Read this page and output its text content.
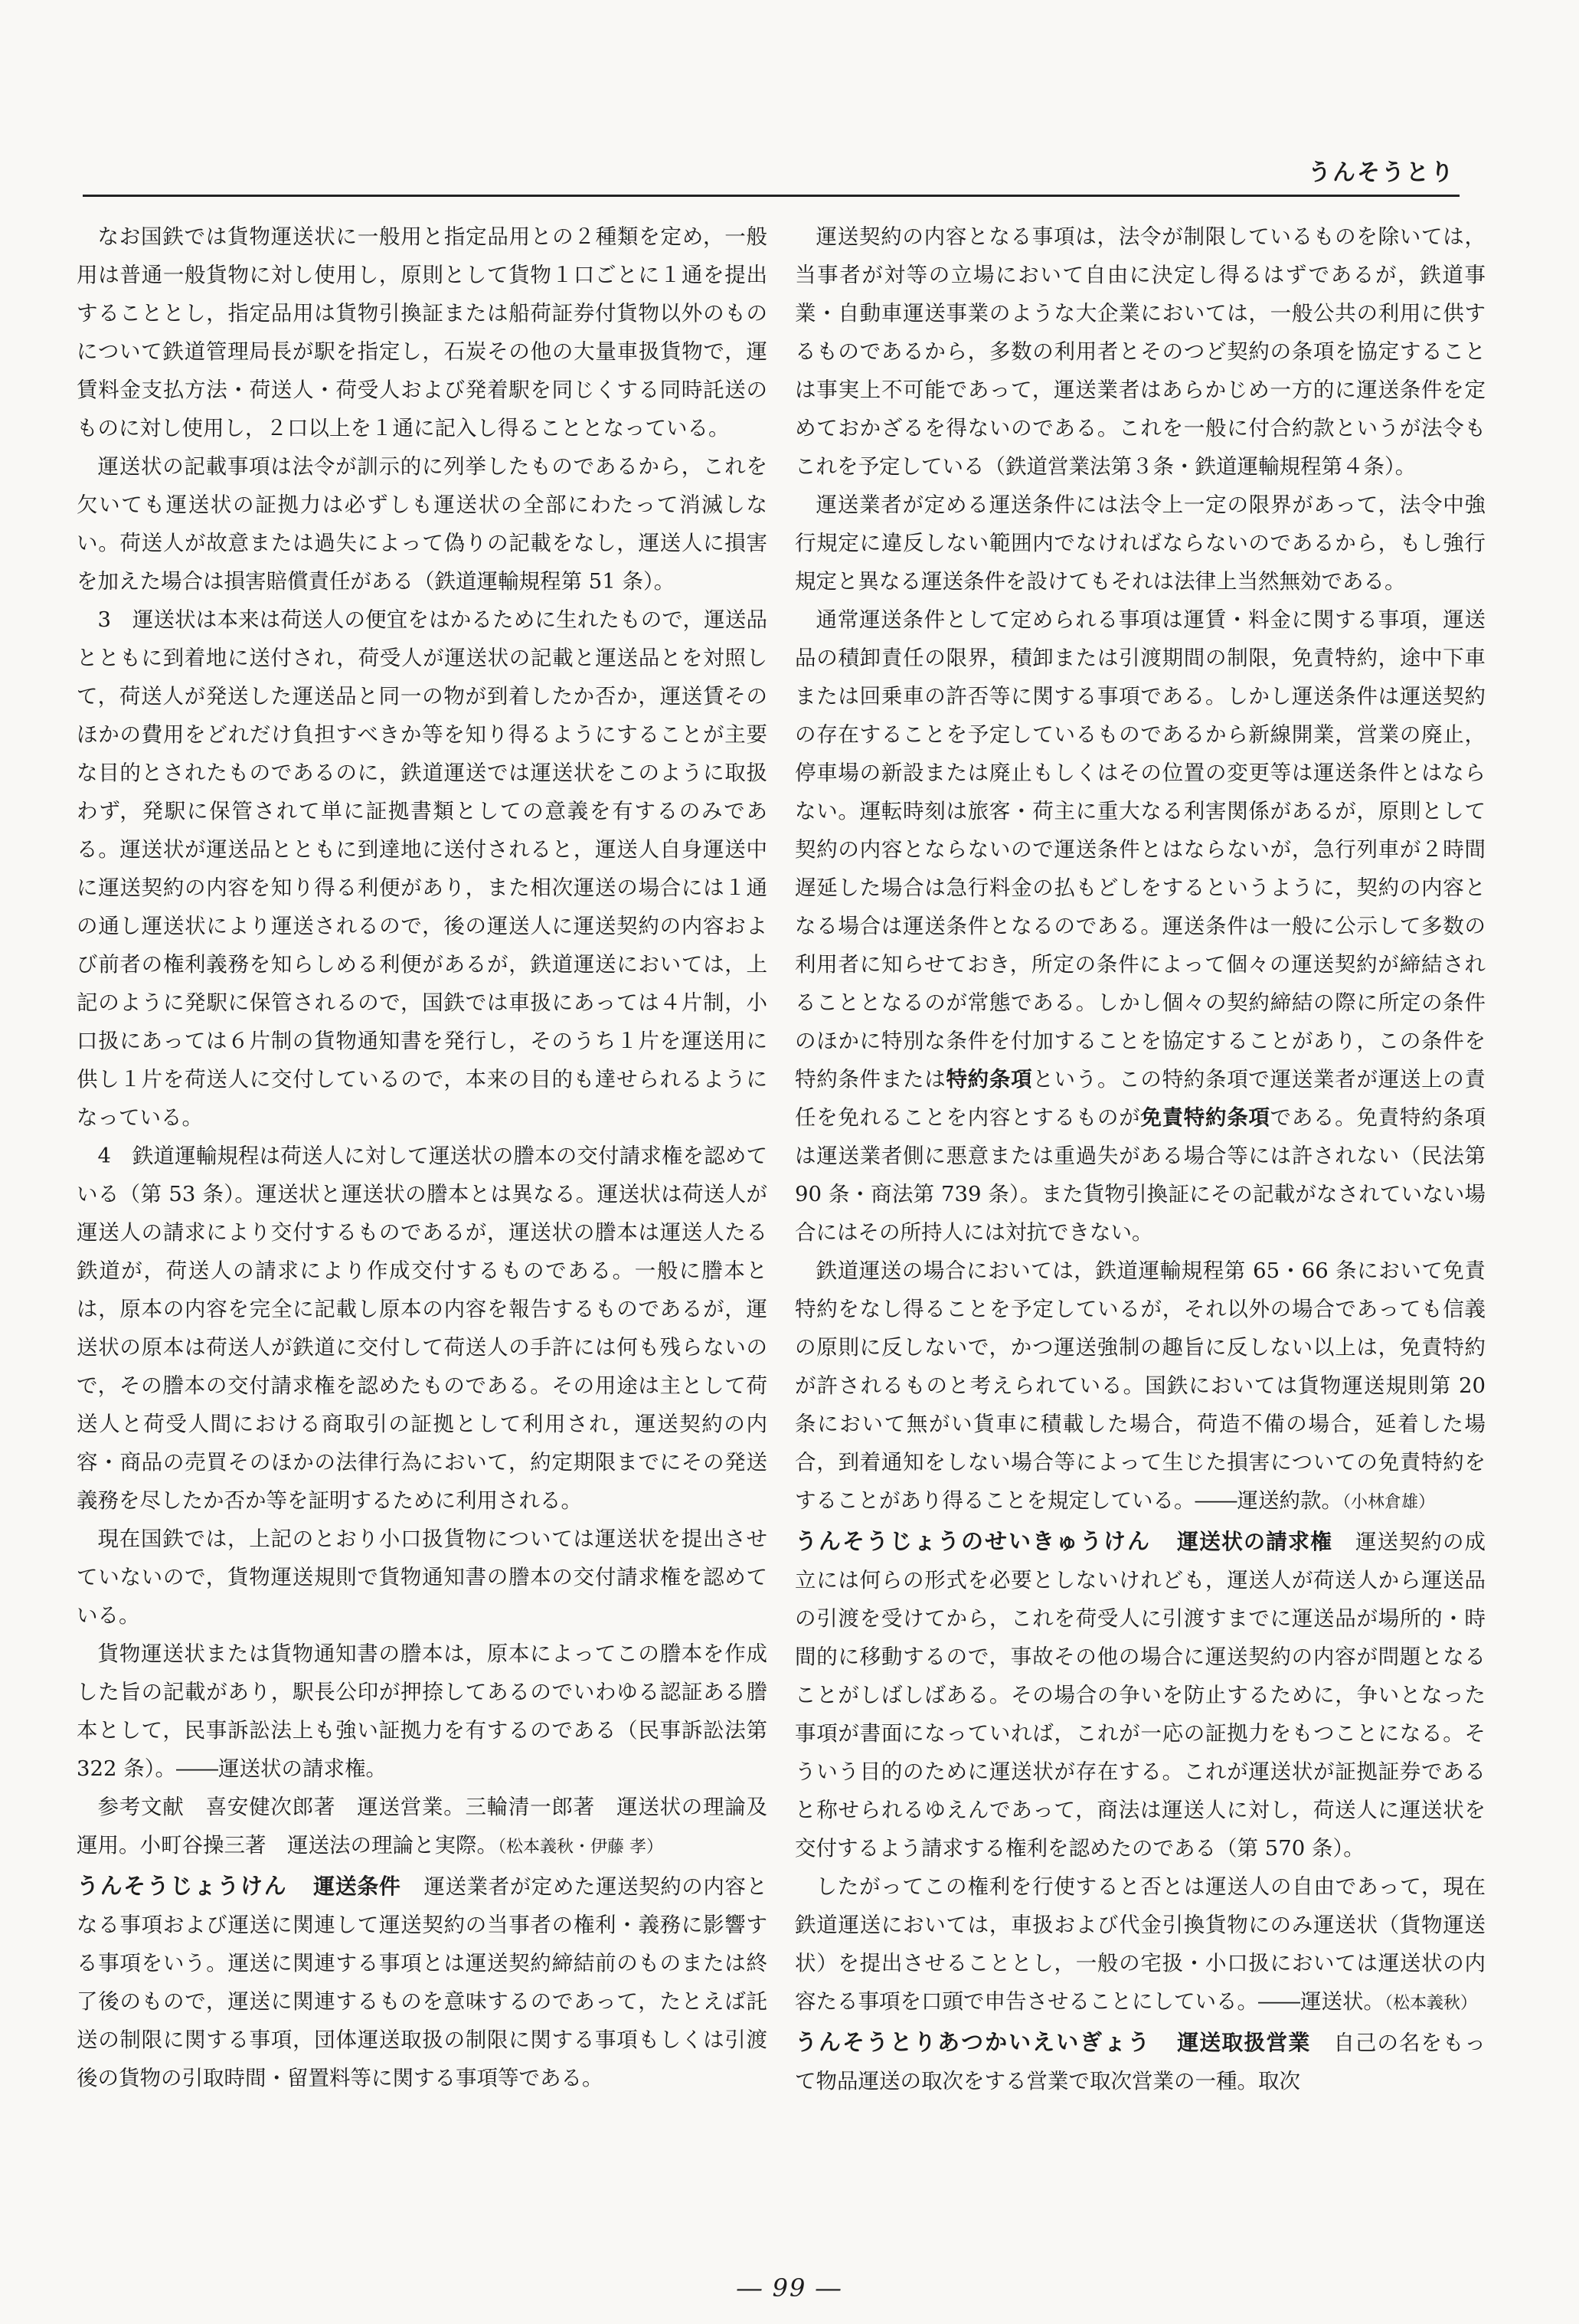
うんそうとり

なお国鉄では貨物運送状に一般用と指定品用との２種類を定め，一般用は普通一般貨物に対し使用し，原則として貨物１口ごとに１通を提出することとし，指定品用は貨物引換証または船荷証券付貨物以外のものについて鉄道管理局長が駅を指定し，石炭その他の大量車扱貨物で，運賃料金支払方法・荷送人・荷受人および発着駅を同じくする同時託送のものに対し使用し，２口以上を１通に記入し得ることとなっている。

運送状の記載事項は法令が訓示的に列挙したものであるから，これを欠いても運送状の証拠力は必ずしも運送状の全部にわたって消滅しない。荷送人が故意または過失によって偽りの記載をなし，運送人に損害を加えた場合は損害賠償責任がある（鉄道運輸規程第 51 条）。

3　運送状は本来は荷送人の便宜をはかるために生れたもので，運送品とともに到着地に送付され，荷受人が運送状の記載と運送品とを対照して，荷送人が発送した運送品と同一の物が到着したか否か，運送賃そのほかの費用をどれだけ負担すべきか等を知り得るようにすることが主要な目的とされたものであるのに，鉄道運送では運送状をこのように取扱わず，発駅に保管されて単に証拠書類としての意義を有するのみである。運送状が運送品とともに到達地に送付されると，運送人自身運送中に運送契約の内容を知り得る利便があり，また相次運送の場合には１通の通し運送状により運送されるので，後の運送人に運送契約の内容および前者の権利義務を知らしめる利便があるが，鉄道運送においては，上記のように発駅に保管されるので，国鉄では車扱にあっては４片制，小口扱にあっては６片制の貨物通知書を発行し，そのうち１片を運送用に供し１片を荷送人に交付しているので，本来の目的も達せられるようになっている。

4　鉄道運輸規程は荷送人に対して運送状の謄本の交付請求権を認めている（第 53 条）。運送状と運送状の謄本とは異なる。運送状は荷送人が運送人の請求により交付するものであるが，運送状の謄本は運送人たる鉄道が，荷送人の請求により作成交付するものである。一般に謄本とは，原本の内容を完全に記載し原本の内容を報告するものであるが，運送状の原本は荷送人が鉄道に交付して荷送人の手許には何も残らないので，その謄本の交付請求権を認めたものである。その用途は主として荷送人と荷受人間における商取引の証拠として利用され，運送契約の内容・商品の売買そのほかの法律行為において，約定期限までにその発送義務を尽したか否か等を証明するために利用される。

現在国鉄では，上記のとおり小口扱貨物については運送状を提出させていないので，貨物運送規則で貨物通知書の謄本の交付請求権を認めている。

貨物運送状または貨物通知書の謄本は，原本によってこの謄本を作成した旨の記載があり，駅長公印が押捺してあるのでいわゆる認証ある謄本として，民事訴訟法上も強い証拠力を有するのである（民事訴訟法第 322 条）。――運送状の請求権。

参考文献　喜安健次郎著　運送営業。三輪清一郎著　運送状の理論及運用。小町谷操三著　運送法の理論と実際。（松本義秋・伊藤 孝）

うんそうじょうけん 運送条件 運送業者が定めた運送契約の内容となる事項および運送に関連して運送契約の当事者の権利・義務に影響する事項をいう。運送に関連する事項とは運送契約締結前のものまたは終了後のもので，運送に関連するものを意味するのであって，たとえば託送の制限に関する事項，団体運送取扱の制限に関する事項もしくは引渡後の貨物の引取時間・留置料等に関する事項等である。

運送契約の内容となる事項は，法令が制限しているものを除いては，当事者が対等の立場において自由に決定し得るはずであるが，鉄道事業・自動車運送事業のような大企業においては，一般公共の利用に供するものであるから，多数の利用者とそのつど契約の条項を協定することは事実上不可能であって，運送業者はあらかじめ一方的に運送条件を定めておかざるを得ないのである。これを一般に付合約款というが法令もこれを予定している（鉄道営業法第３条・鉄道運輸規程第４条）。

運送業者が定める運送条件には法令上一定の限界があって，法令中強行規定に違反しない範囲内でなければならないのであるから，もし強行規定と異なる運送条件を設けてもそれは法律上当然無効である。

通常運送条件として定められる事項は運賃・料金に関する事項，運送品の積卸責任の限界，積卸または引渡期間の制限，免責特約，途中下車または回乗車の許否等に関する事項である。しかし運送条件は運送契約の存在することを予定しているものであるから新線開業，営業の廃止，停車場の新設または廃止もしくはその位置の変更等は運送条件とはならない。運転時刻は旅客・荷主に重大なる利害関係があるが，原則として契約の内容とならないので運送条件とはならないが，急行列車が２時間遅延した場合は急行料金の払もどしをするというように，契約の内容となる場合は運送条件となるのである。運送条件は一般に公示して多数の利用者に知らせておき，所定の条件によって個々の運送契約が締結されることとなるのが常態である。しかし個々の契約締結の際に所定の条件のほかに特別な条件を付加することを協定することがあり，この条件を特約条件または特約条項という。この特約条項で運送業者が運送上の責任を免れることを内容とするものが免責特約条項である。免責特約条項は運送業者側に悪意または重過失がある場合等には許されない（民法第 90 条・商法第 739 条）。また貨物引換証にその記載がなされていない場合にはその所持人には対抗できない。

鉄道運送の場合においては，鉄道運輸規程第 65・66 条において免責特約をなし得ることを予定しているが，それ以外の場合であっても信義の原則に反しないで，かつ運送強制の趣旨に反しない以上は，免責特約が許されるものと考えられている。国鉄においては貨物運送規則第 20 条において無がい貨車に積載した場合，荷造不備の場合，延着した場合，到着通知をしない場合等によって生じた損害についての免責特約をすることがあり得ることを規定している。――運送約款。（小林倉雄）

うんそうじょうのせいきゅうけん 運送状の請求権 運送契約の成立には何らの形式を必要としないけれども，運送人が荷送人から運送品の引渡を受けてから，これを荷受人に引渡すまでに運送品が場所的・時間的に移動するので，事故その他の場合に運送契約の内容が問題となることがしばしばある。その場合の争いを防止するために，争いとなった事項が書面になっていれば，これが一応の証拠力をもつことになる。そういう目的のために運送状が存在する。これが運送状が証拠証券であると称せられるゆえんであって，商法は運送人に対し，荷送人に運送状を交付するよう請求する権利を認めたのである（第 570 条）。

したがってこの権利を行使すると否とは運送人の自由であって，現在鉄道運送においては，車扱および代金引換貨物にのみ運送状（貨物運送状）を提出させることとし，一般の宅扱・小口扱においては運送状の内容たる事項を口頭で申告させることにしている。――運送状。（松本義秋）

うんそうとりあつかいえいぎょう 運送取扱営業 自己の名をもって物品運送の取次をする営業で取次営業の一種。取次

― 99 ―
